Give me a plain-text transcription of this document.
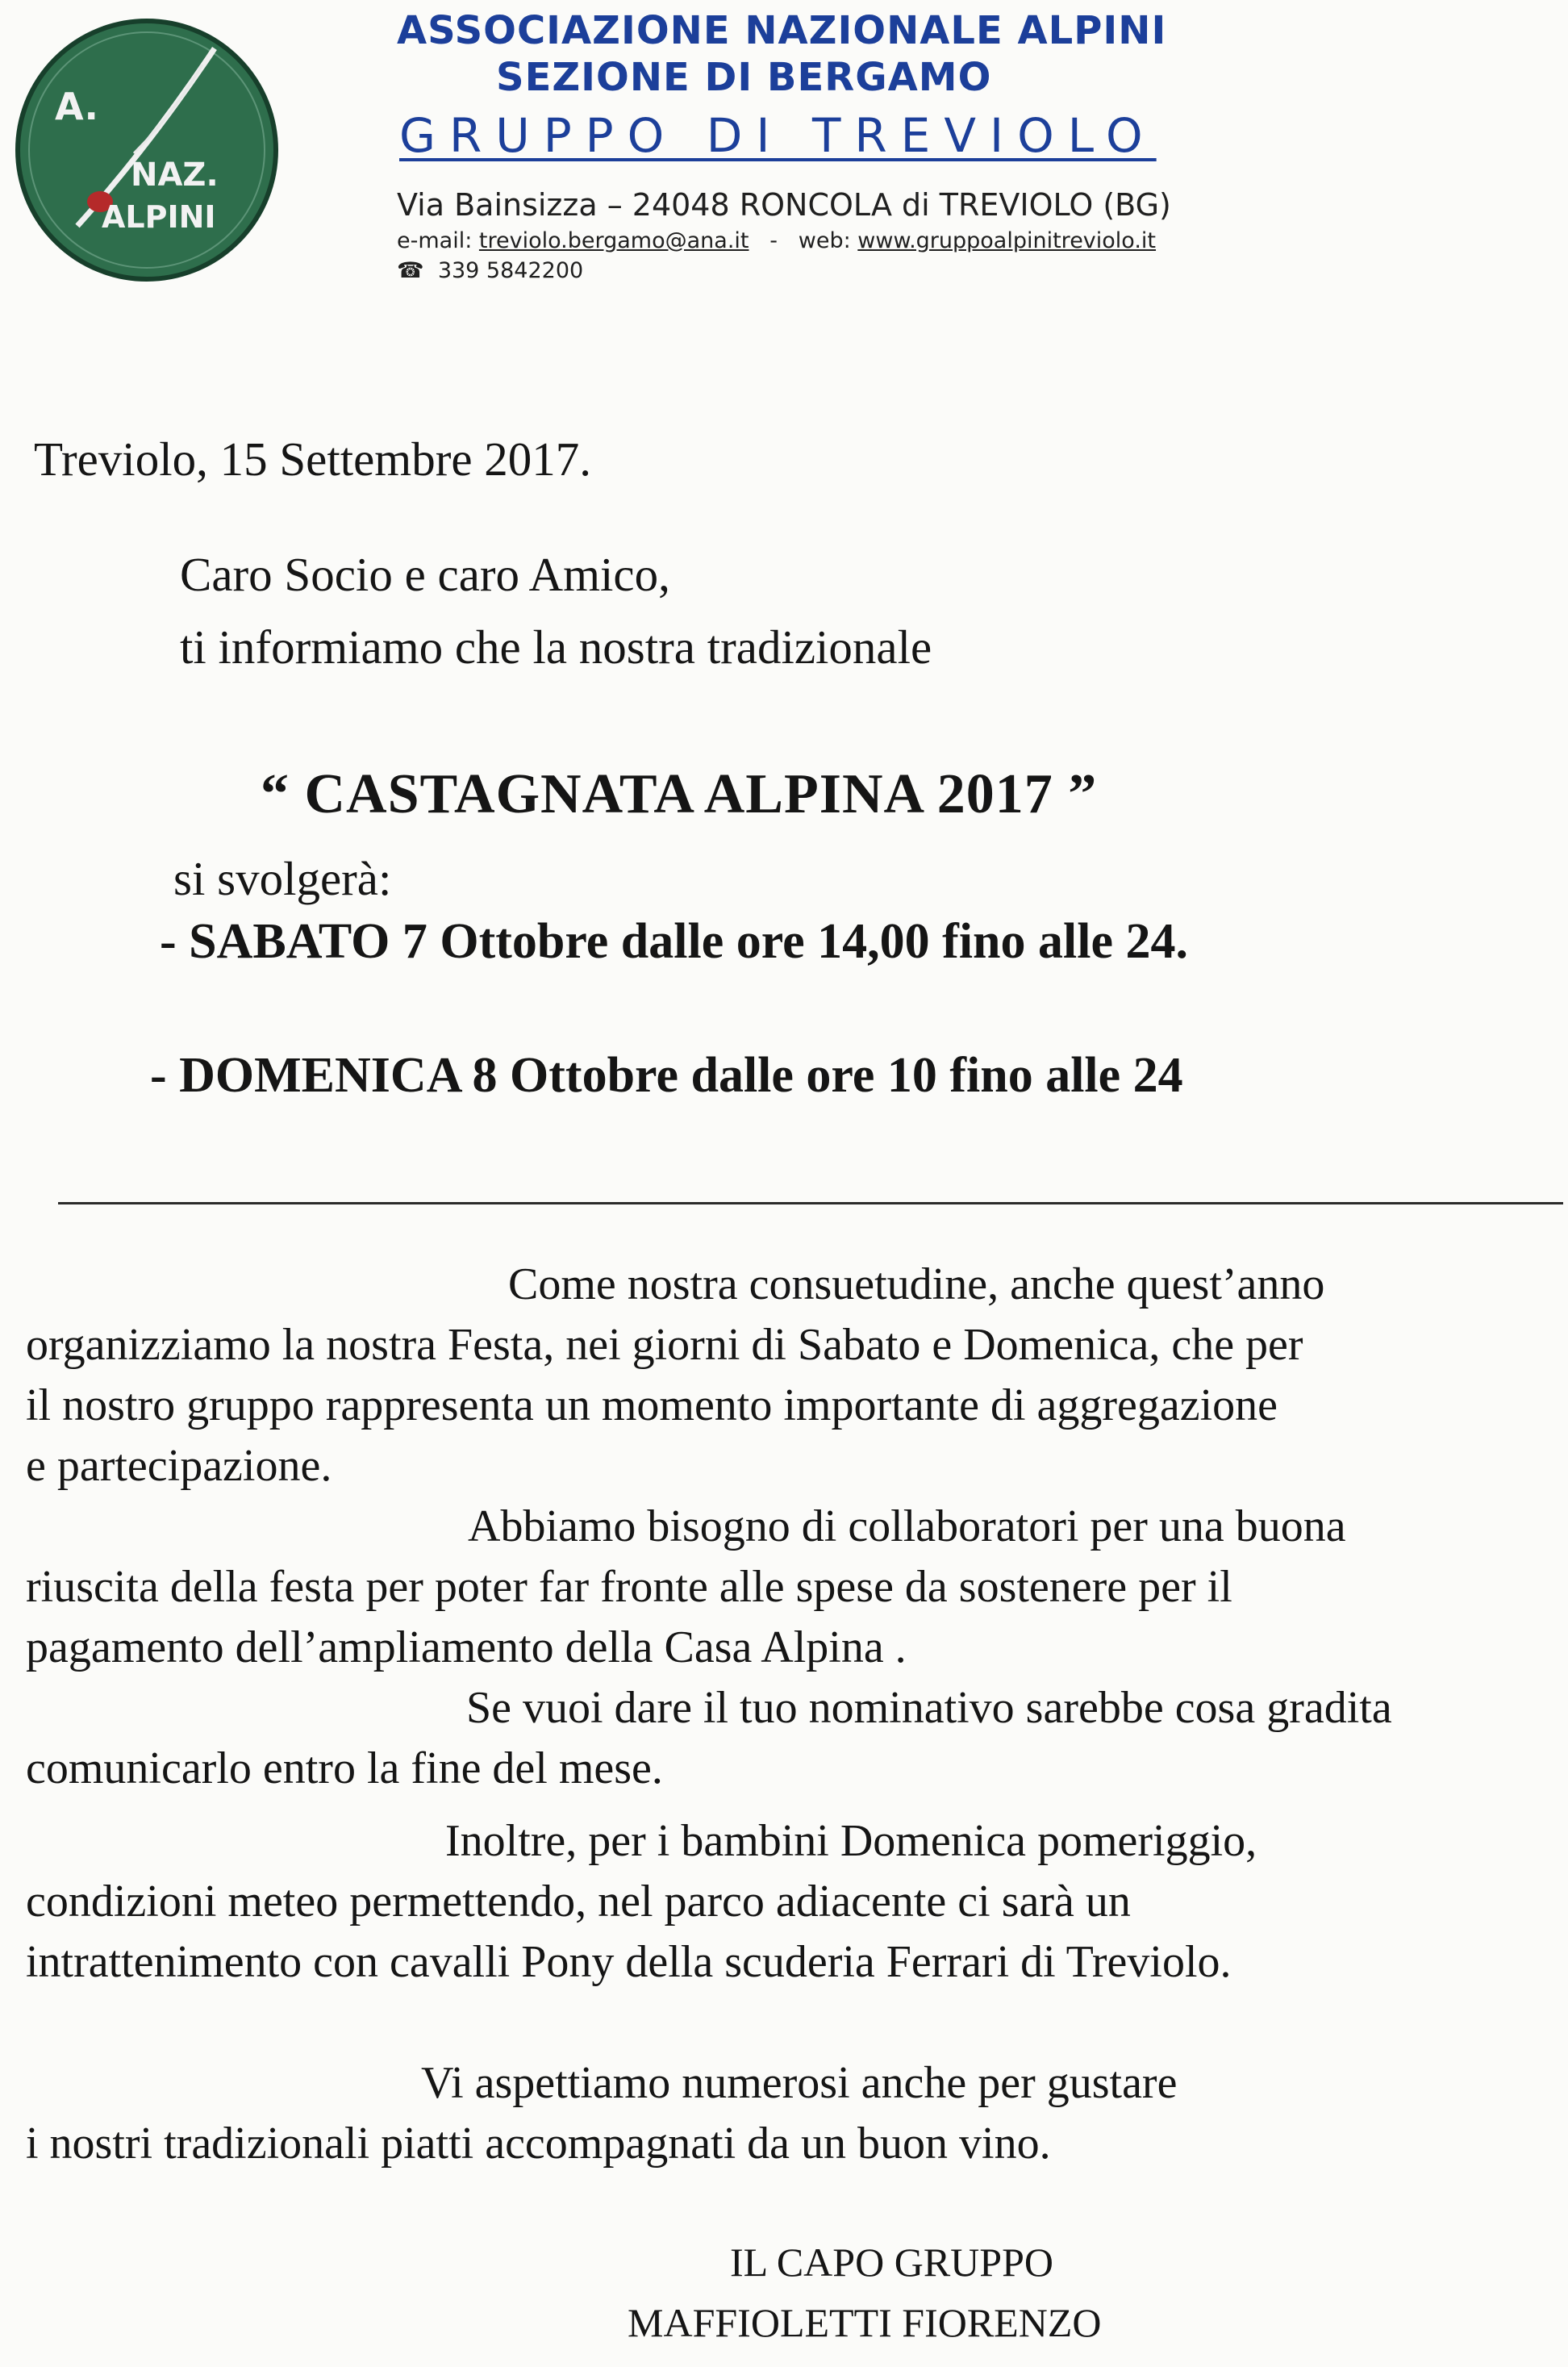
A.
NAZ.
ALPINI
ASSOCIAZIONE NAZIONALE ALPINI
SEZIONE DI BERGAMO
GRUPPO DI TREVIOLO
Via Bainsizza – 24048 RONCOLA di TREVIOLO (BG)
e-mail: treviolo.bergamo@ana.it   -   web: www.gruppoalpinitreviolo.it
☎ 339 5842200
Treviolo, 15 Settembre 2017.
Caro Socio e caro Amico,
ti informiamo che la nostra tradizionale
“ CASTAGNATA ALPINA 2017 ”
si svolgerà:
- SABATO 7 Ottobre dalle ore 14,00 fino alle 24.
- DOMENICA 8 Ottobre dalle ore 10 fino alle 24
Come nostra consuetudine, anche quest’anno
organizziamo la nostra Festa, nei giorni di Sabato e Domenica, che per
il nostro gruppo rappresenta un momento importante di aggregazione
e partecipazione.
Abbiamo bisogno di collaboratori per una buona
riuscita della festa per poter far fronte alle spese da sostenere per il
pagamento dell’ampliamento della Casa Alpina .
Se vuoi dare il tuo nominativo sarebbe cosa gradita
comunicarlo entro la fine del mese.
Inoltre, per i bambini Domenica pomeriggio,
condizioni meteo permettendo, nel parco adiacente ci sarà un
intrattenimento con cavalli Pony della scuderia Ferrari di Treviolo.
Vi aspettiamo numerosi anche per gustare
i nostri tradizionali piatti accompagnati da un buon vino.
IL CAPO GRUPPO
MAFFIOLETTI FIORENZO
